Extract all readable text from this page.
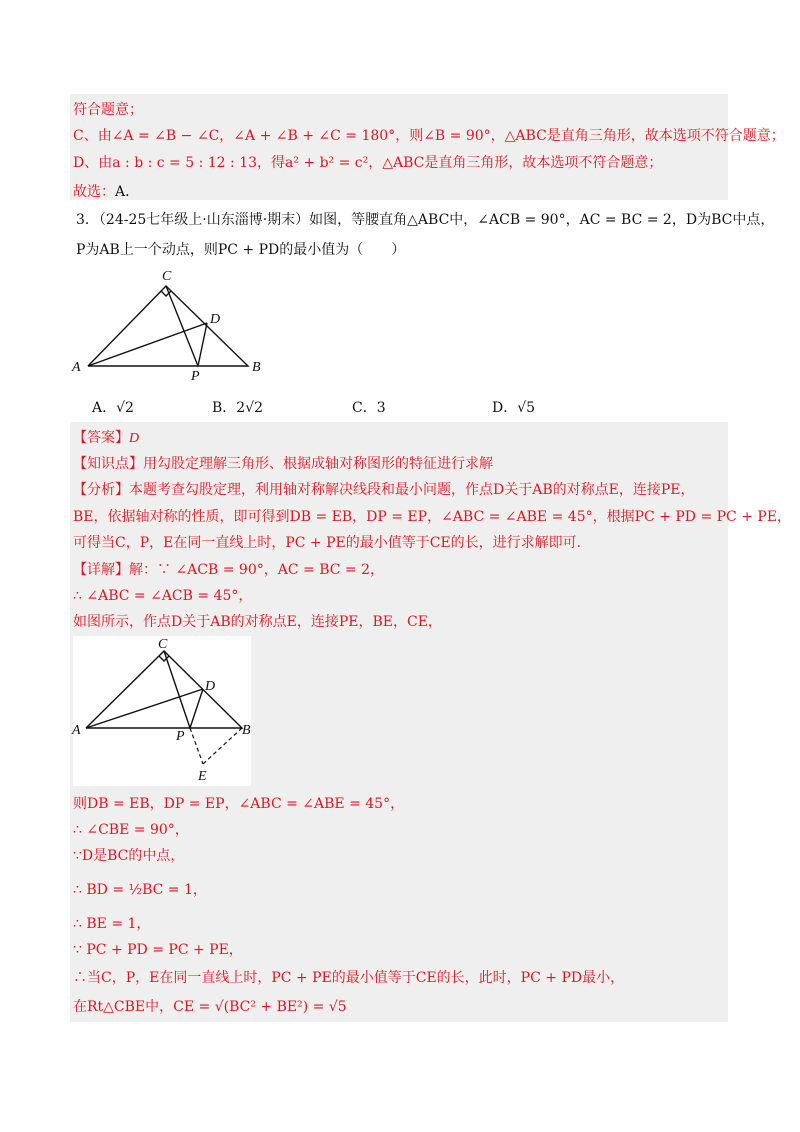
符合题意；
C、由∠A = ∠B − ∠C，∠A + ∠B + ∠C = 180°，则∠B = 90°，△ABC是直角三角形，故本选项不符合题意；
D、由a : b : c = 5 : 12 : 13，得a² + b² = c²，△ABC是直角三角形，故本选项不符合题意；
故选：A．
3．（24-25七年级上·山东淄博·期末）如图，等腰直角△ABC中，∠ACB = 90°，AC = BC = 2，D为BC中点，
P为AB上一个动点，则PC + PD的最小值为（　　）
C
D
A	B
P
A．√2	B．2√2	C．3	D．√5
【答案】D
【知识点】用勾股定理解三角形、根据成轴对称图形的特征进行求解
【分析】本题考查勾股定理，利用轴对称解决线段和最小问题，作点D关于AB的对称点E，连接PE，
BE，依据轴对称的性质，即可得到DB = EB，DP = EP，∠ABC = ∠ABE = 45°，根据PC + PD = PC + PE，
可得当C，P，E在同一直线上时，PC + PE的最小值等于CE的长，进行求解即可．
【详解】解：∵ ∠ACB = 90°，AC = BC = 2，
∴ ∠ABC = ∠ACB = 45°，
如图所示，作点D关于AB的对称点E，连接PE，BE，CE，
C
D
A	B
P
E
则DB = EB，DP = EP，∠ABC = ∠ABE = 45°，
∴ ∠CBE = 90°，
∵D是BC的中点，
∴ BD = ½BC = 1，
∴ BE = 1，
∵ PC + PD = PC + PE，
∴当C，P，E在同一直线上时，PC + PE的最小值等于CE的长，此时，PC + PD最小，
在Rt△CBE中，CE = √(BC² + BE²) = √5
